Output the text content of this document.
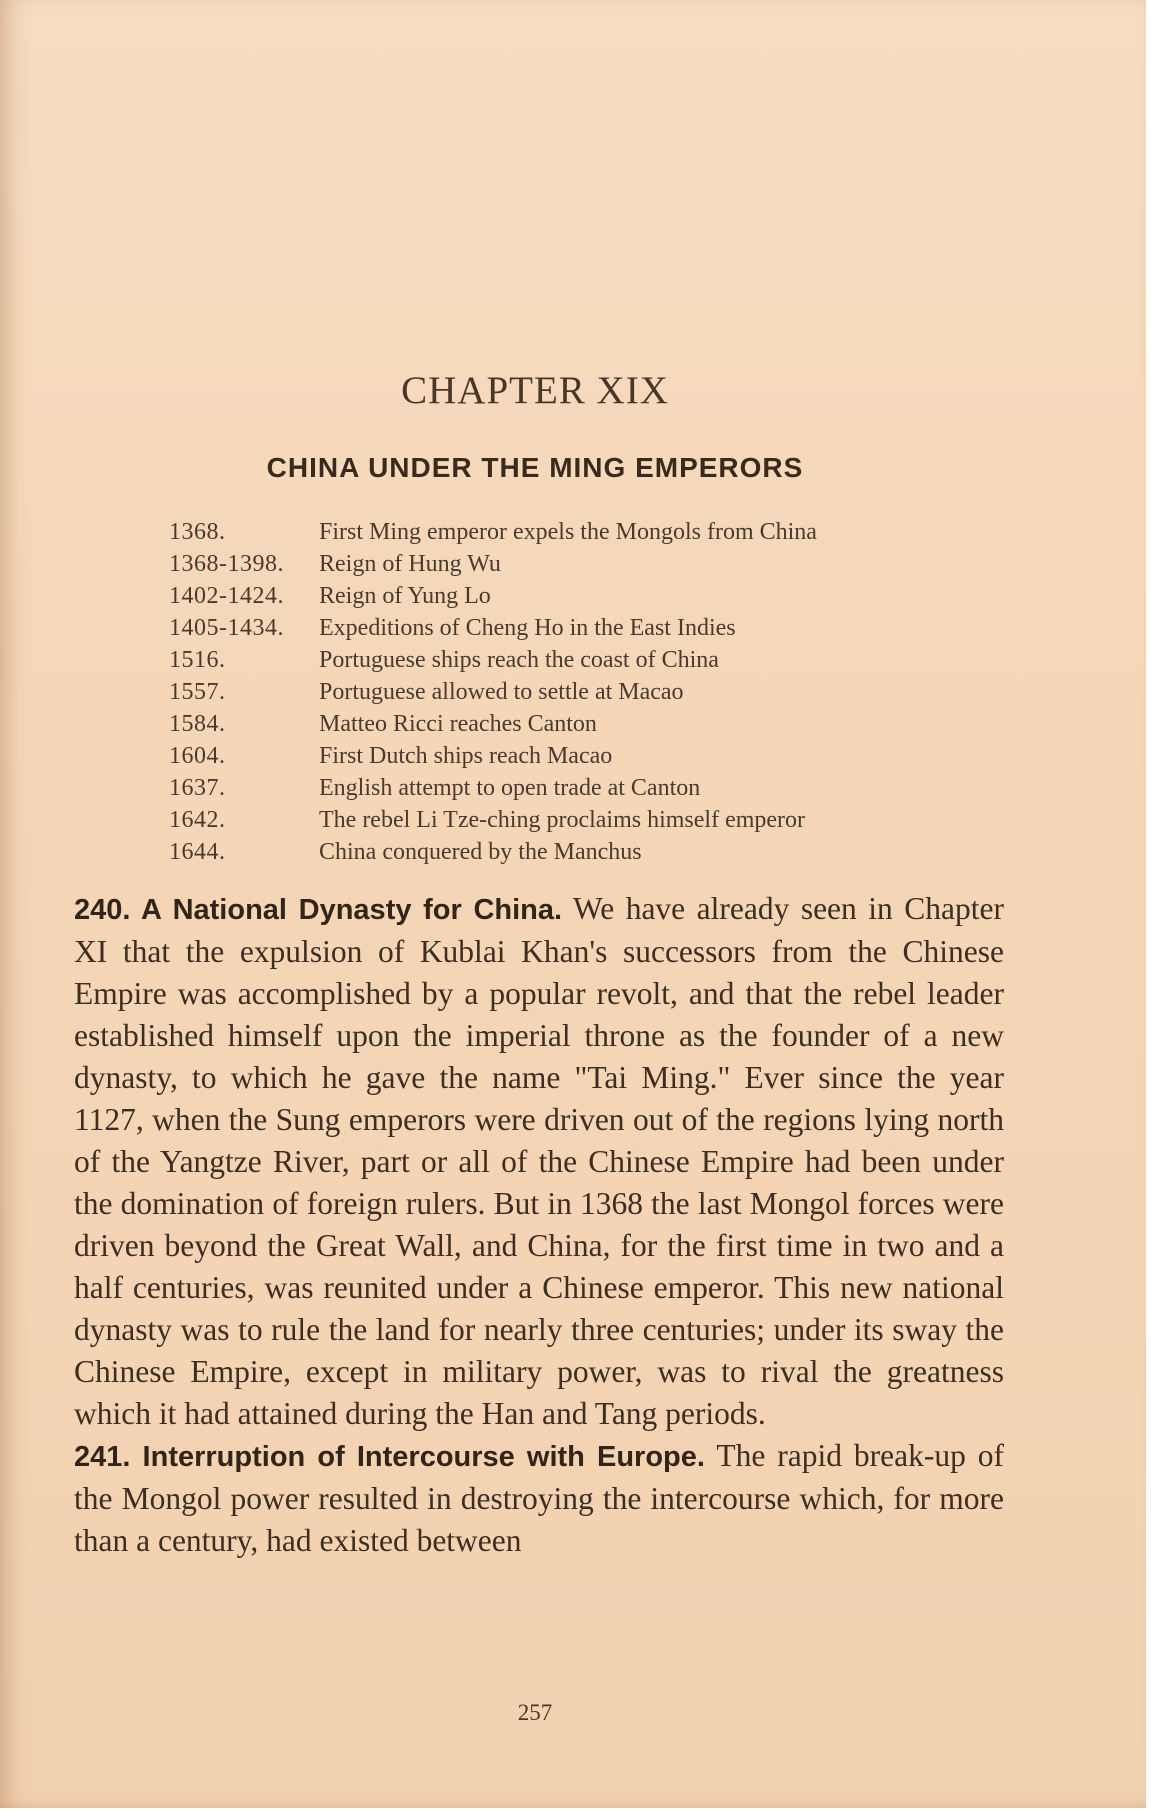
CHAPTER XIX
CHINA UNDER THE MING EMPERORS
1368.	First Ming emperor expels the Mongols from China
1368-1398. Reign of Hung Wu
1402-1424. Reign of Yung Lo
1405-1434. Expeditions of Cheng Ho in the East Indies
1516.	Portuguese ships reach the coast of China
1557.	Portuguese allowed to settle at Macao
1584.	Matteo Ricci reaches Canton
1604.	First Dutch ships reach Macao
1637.	English attempt to open trade at Canton
1642.	The rebel Li Tze-ching proclaims himself emperor
1644.	China conquered by the Manchus

240. A National Dynasty for China. We have already seen in Chapter XI that the expulsion of Kublai Khan's successors from the Chinese Empire was accomplished by a popular revolt, and that the rebel leader established himself upon the imperial throne as the founder of a new dynasty, to which he gave the name "Tai Ming." Ever since the year 1127, when the Sung emperors were driven out of the regions lying north of the Yangtze River, part or all of the Chinese Empire had been under the domination of foreign rulers. But in 1368 the last Mongol forces were driven beyond the Great Wall, and China, for the first time in two and a half centuries, was reunited under a Chinese emperor. This new national dynasty was to rule the land for nearly three centuries; under its sway the Chinese Empire, except in military power, was to rival the greatness which it had attained during the Han and Tang periods.

241. Interruption of Intercourse with Europe. The rapid break-up of the Mongol power resulted in destroying the intercourse which, for more than a century, had existed between

257
